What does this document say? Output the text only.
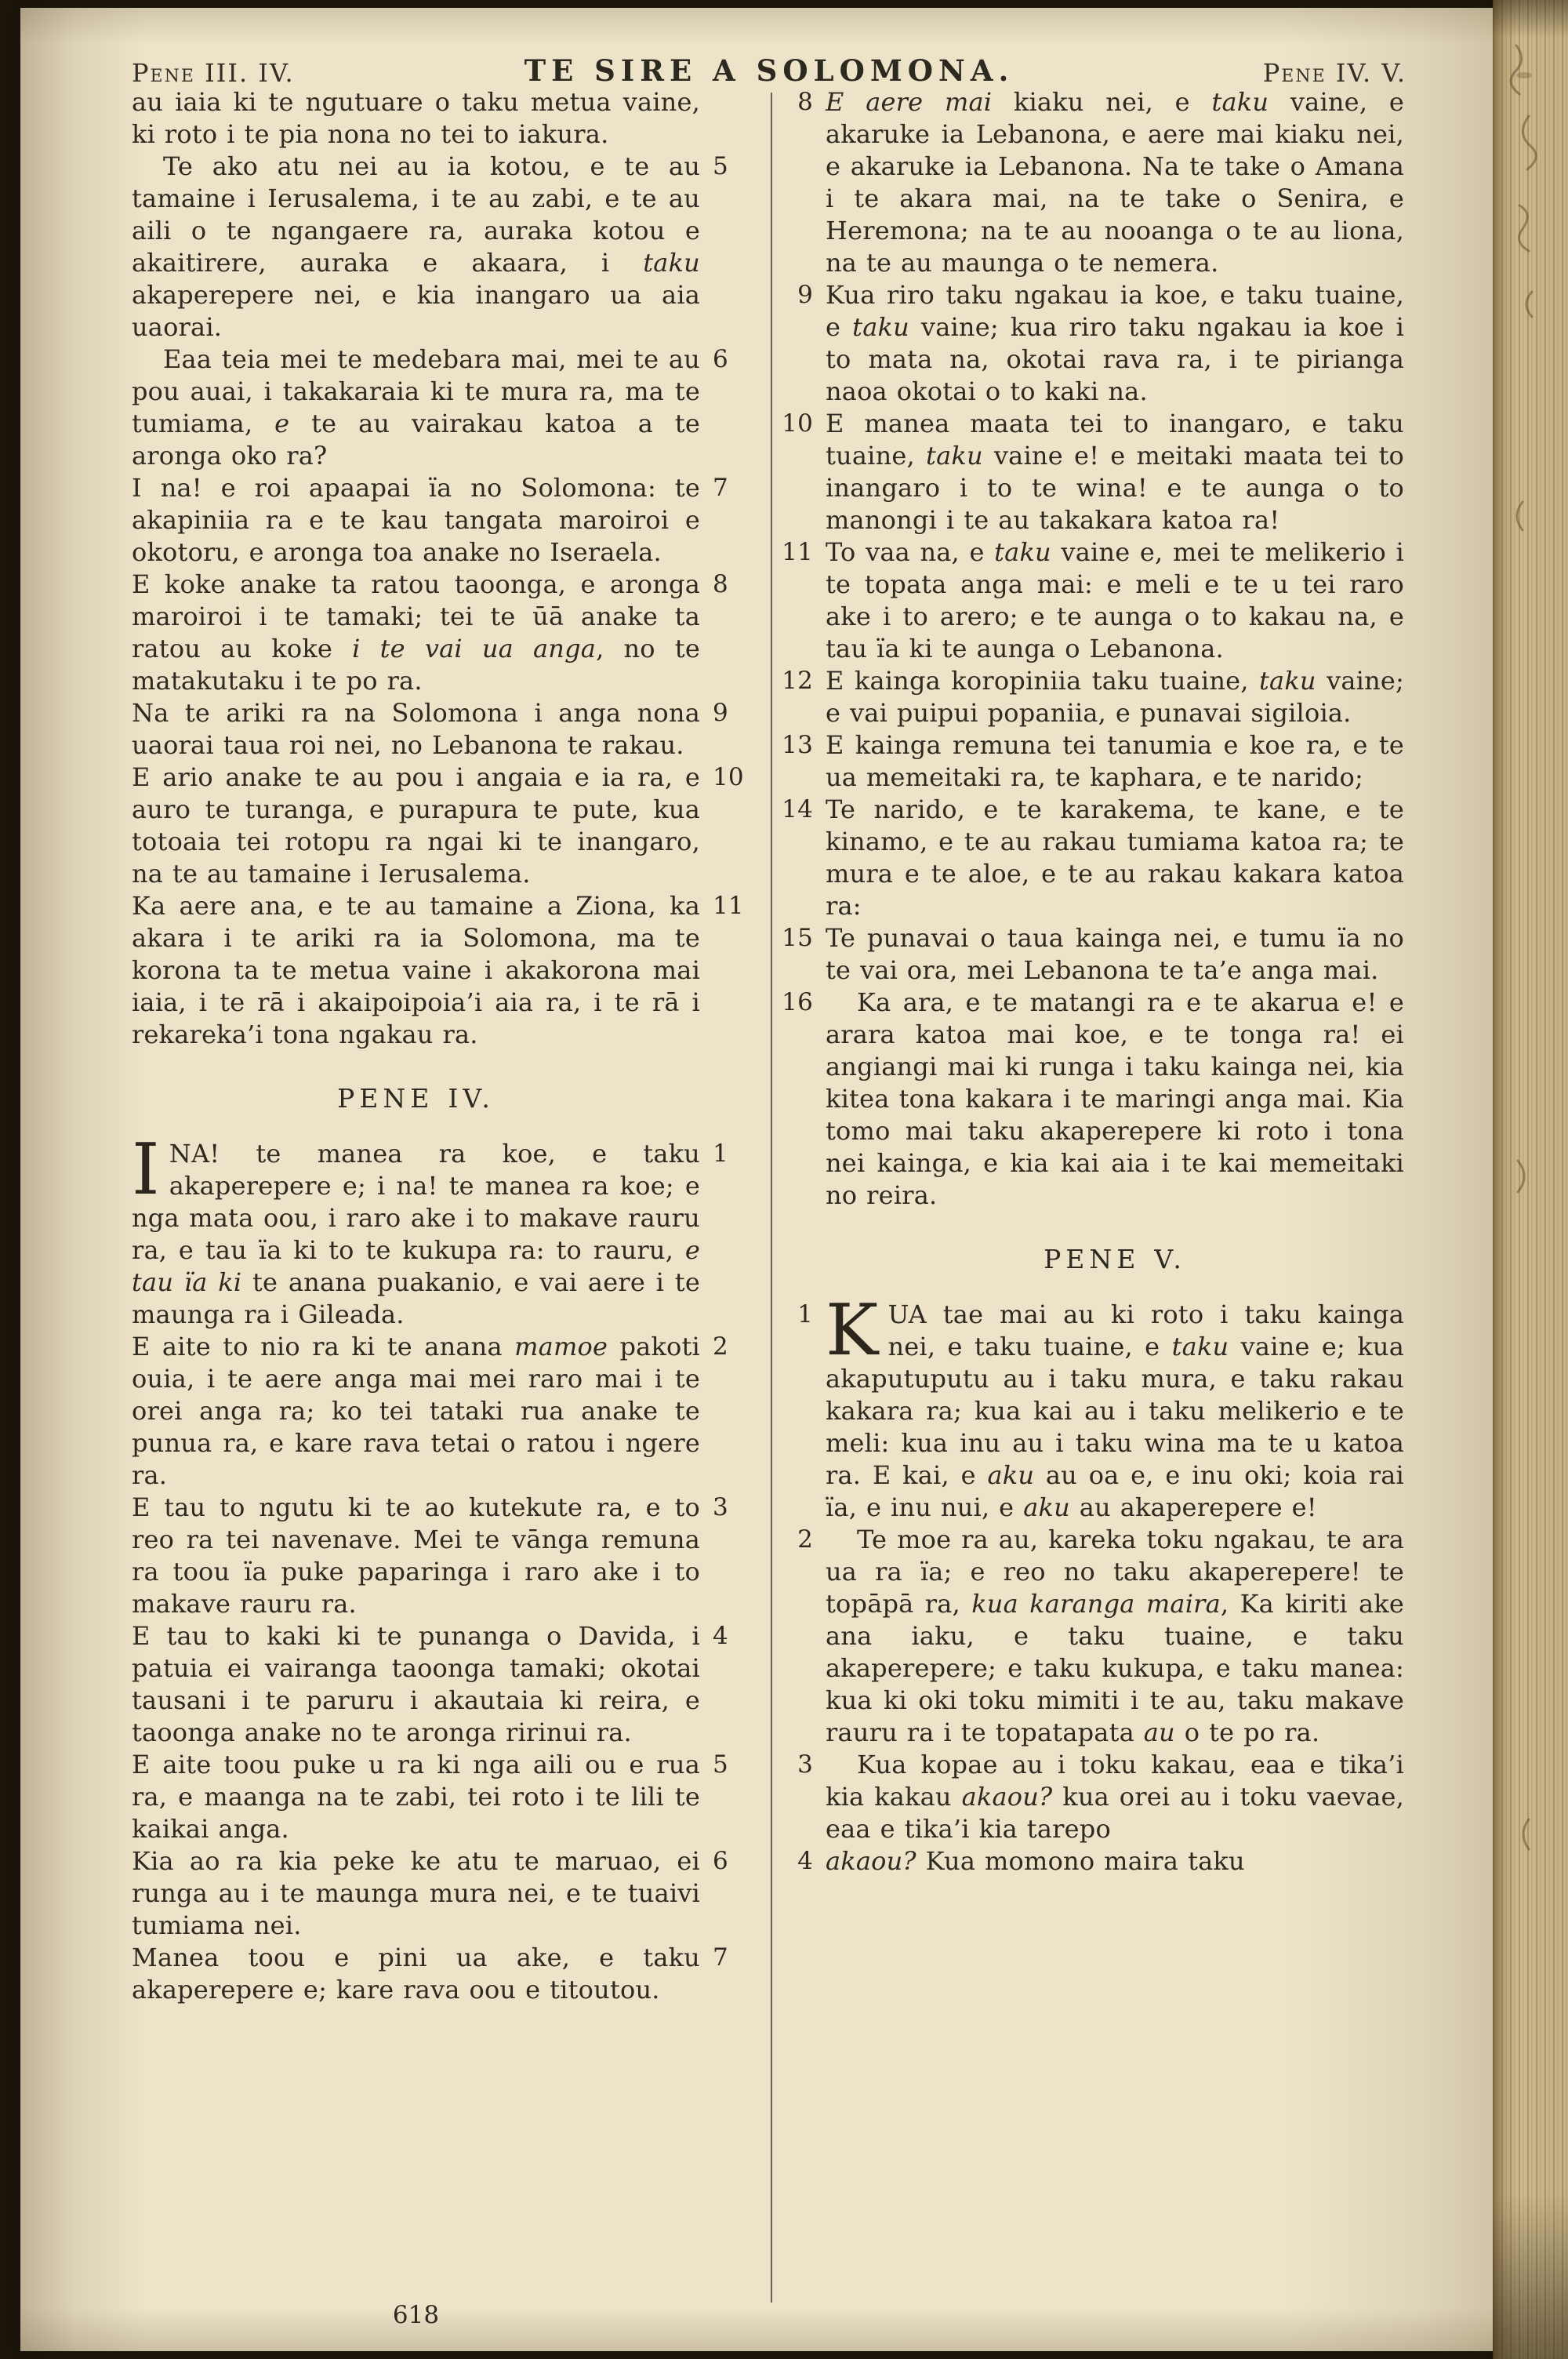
Pene III. IV.	TE SIRE A SOLOMONA.	Pene IV. V.

au iaia ki te ngutuare o taku metua vaine, ki roto i te pia nona no tei to iakura.

5
Te ako atu nei au ia kotou, e te au tamaine i Ierusalema, i te au zabi, e te au aili o te ngangaere ra, auraka kotou e akaitirere, auraka e akaara, i taku akaperepere nei, e kia inangaro ua aia uaorai.

6
Eaa teia mei te medebara mai, mei te au pou auai, i takakaraia ki te mura ra, ma te tumiama, e te au vairakau katoa a te aronga oko ra?

7
I na! e roi apaapai ïa no Solomona: te akapiniia ra e te kau tangata maroiroi e okotoru, e aronga toa anake no Iseraela.

8
E koke anake ta ratou taoonga, e aronga maroiroi i te tamaki; tei te ūā anake ta ratou au koke i te vai ua anga, no te matakutaku i te po ra.

9
Na te ariki ra na Solomona i anga nona uaorai taua roi nei, no Lebanona te rakau.

10
E ario anake te au pou i angaia e ia ra, e auro te turanga, e purapura te pute, kua totoaia tei rotopu ra ngai ki te inangaro, na te au tamaine i Ierusalema.

11
Ka aere ana, e te au tamaine a Ziona, ka akara i te ariki ra ia Solomona, ma te korona ta te metua vaine i akakorona mai iaia, i te rā i akaipoipoia’i aia ra, i te rā i rekareka’i tona ngakau ra.

PENE IV.

1
I NA! te manea ra koe, e taku akaperepere e; i na! te manea ra koe; e nga mata oou, i raro ake i to makave rauru ra, e tau ïa ki to te kukupa ra: to rauru, e tau ïa ki te anana puakanio, e vai aere i te maunga ra i Gileada.

2
E aite to nio ra ki te anana mamoe pakoti ouia, i te aere anga mai mei raro mai i te orei anga ra; ko tei tataki rua anake te punua ra, e kare rava tetai o ratou i ngere ra.

3
E tau to ngutu ki te ao kutekute ra, e to reo ra tei navenave. Mei te vānga remuna ra toou ïa puke paparinga i raro ake i to makave rauru ra.

4
E tau to kaki ki te punanga o Davida, i patuia ei vairanga taoonga tamaki; okotai tausani i te paruru i akautaia ki reira, e taoonga anake no te aronga ririnui ra.

5
E aite toou puke u ra ki nga aili ou e rua ra, e maanga na te zabi, tei roto i te lili te kaikai anga.

6
Kia ao ra kia peke ke atu te maruao, ei runga au i te maunga mura nei, e te tuaivi tumiama nei.

7
Manea toou e pini ua ake, e taku akaperepere e; kare rava oou e titoutou.

8 E aere mai kiaku nei, e taku vaine, e akaruke ia Lebanona, e aere mai kiaku nei, e akaruke ia Lebanona. Na te take o Amana i te akara mai, na te take o Senira, e Heremona; na te au nooanga o te au liona, na te au maunga o te nemera.

9 Kua riro taku ngakau ia koe, e taku tuaine, e taku vaine; kua riro taku ngakau ia koe i to mata na, okotai rava ra, i te pirianga naoa okotai o to kaki na.

10 E manea maata tei to inangaro, e taku tuaine, taku vaine e! e meitaki maata tei to inangaro i to te wina! e te aunga o to manongi i te au takakara katoa ra!

11 To vaa na, e taku vaine e, mei te melikerio i te topata anga mai: e meli e te u tei raro ake i to arero; e te aunga o to kakau na, e tau ïa ki te aunga o Lebanona.

12 E kainga koropiniia taku tuaine, taku vaine; e vai puipui popaniia, e punavai sigiloia.

13 E kainga remuna tei tanumia e koe ra, e te ua memeitaki ra, te kaphara, e te narido;

14 Te narido, e te karakema, te kane, e te kinamo, e te au rakau tumiama katoa ra; te mura e te aloe, e te au rakau kakara katoa ra:

15 Te punavai o taua kainga nei, e tumu ïa no te vai ora, mei Lebanona te ta’e anga mai.

16 Ka ara, e te matangi ra e te akarua e! e arara katoa mai koe, e te tonga ra! ei angiangi mai ki runga i taku kainga nei, kia kitea tona kakara i te maringi anga mai. Kia tomo mai taku akaperepere ki roto i tona nei kainga, e kia kai aia i te kai memeitaki no reira.

PENE V.

1 K UA tae mai au ki roto i taku kainga nei, e taku tuaine, e taku vaine e; kua akaputuputu au i taku mura, e taku rakau kakara ra; kua kai au i taku melikerio e te meli: kua inu au i taku wina ma te u katoa ra. E kai, e aku au oa e, e inu oki; koia rai ïa, e inu nui, e aku au akaperepere e!

2 Te moe ra au, kareka toku ngakau, te ara ua ra ïa; e reo no taku akaperepere! te topāpā ra, kua karanga maira, Ka kiriti ake ana iaku, e taku tuaine, e taku akaperepere; e taku kukupa, e taku manea: kua ki oki toku mimiti i te au, taku makave rauru ra i te topatapata au o te po ra.

3 Kua kopae au i toku kakau, eaa e tika’i kia kakau akaou? kua orei au i toku vaevae, eaa e tika’i kia tarepo

4 akaou? Kua momono maira taku

618
